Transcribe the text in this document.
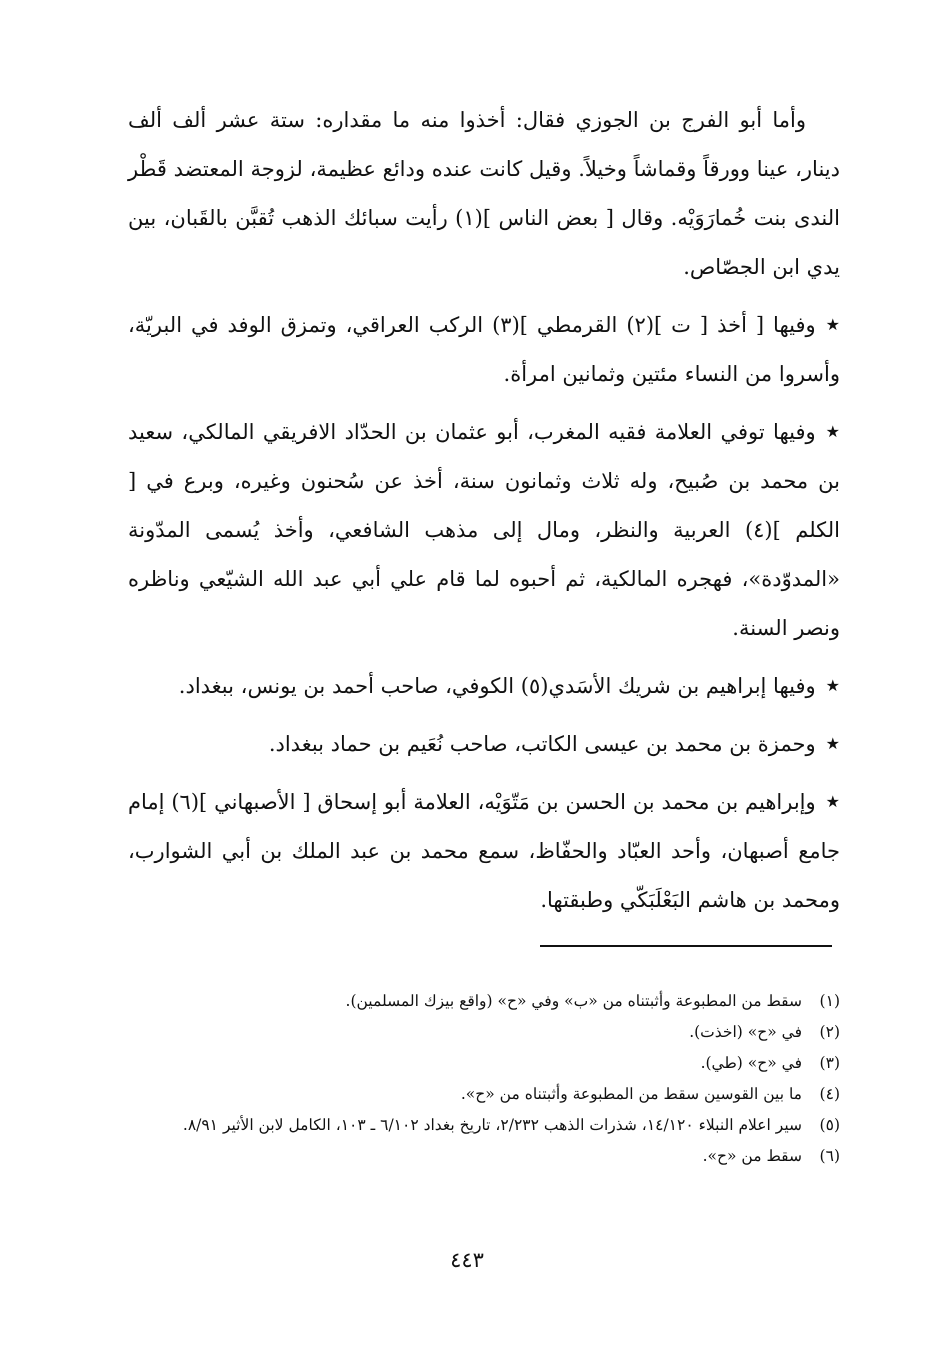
وأما أبو الفرج بن الجوزي فقال: أخذوا منه ما مقداره: ستة عشر ألف ألف دينار، عينا وورقاً وقماشاً وخيلاً. وقيل كانت عنده ودائع عظيمة، لزوجة المعتضد قَطْر الندى بنت خُمارَوَيْه. وقال [ بعض الناس ](١) رأيت سبائك الذهب تُقبَّن بالقَبان، بين يدي ابن الجصّاص.

★وفيها [ أخذ [ ت ](٢) القرمطي ](٣) الركب العراقي، وتمزق الوفد في البريّة، وأسروا من النساء مئتين وثمانين امرأة.

★وفيها توفي العلامة فقيه المغرب، أبو عثمان بن الحدّاد الافريقي المالكي، سعيد بن محمد بن صُبيح، وله ثلاث وثمانون سنة، أخذ عن سُحنون وغيره، وبرع في [ الكلم ](٤) العربية والنظر، ومال إلى مذهب الشافعي، وأخذ يُسمى المدّونة «المدوّدة»، فهجره المالكية، ثم أحبوه لما قام علي أبي عبد الله الشيّعي وناظره ونصر السنة.

★وفيها إبراهيم بن شريك الأسَدي(٥) الكوفي، صاحب أحمد بن يونس، ببغداد.

★وحمزة بن محمد بن عيسى الكاتب، صاحب نُعَيم بن حماد ببغداد.

★وإبراهيم بن محمد بن الحسن بن مَتّوَيْه، العلامة أبو إسحاق [ الأصبهاني ](٦) إمام جامع أصبهان، وأحد العبّاد والحفّاظ، سمع محمد بن عبد الملك بن أبي الشوارب، ومحمد بن هاشم البَعْلَبَكّي وطبقتها.

(١)سقط من المطبوعة وأثبتناه من «ب» وفي «ح» (واقع بيزك المسلمين).

(٢)في «ح» (اخذت).

(٣)في «ح» (طي).

(٤)ما بين القوسين سقط من المطبوعة وأثبتناه من «ح».

(٥)سير اعلام النبلاء ١٤/١٢٠، شذرات الذهب ٢/٢٣٢، تاريخ بغداد ٦/١٠٢ ـ ١٠٣، الكامل لابن الأثير ٨/٩١.

(٦)سقط من «ح».

٤٤٣
